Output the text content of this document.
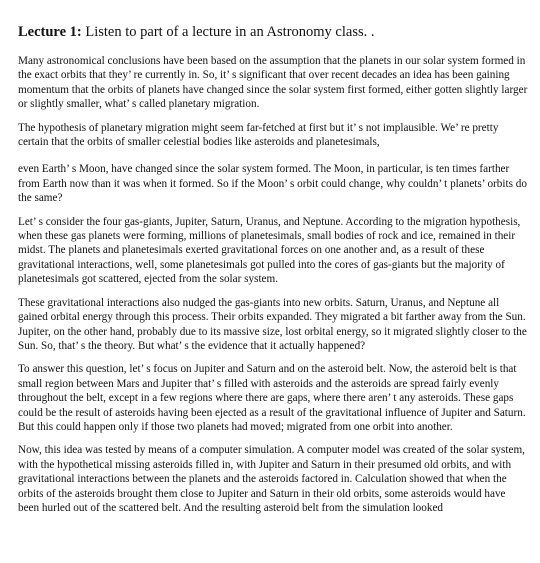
Lecture 1: Listen to part of a lecture in an Astronomy class. .

Many astronomical conclusions have been based on the assumption that the planets in our solar system formed in the exact orbits that they’ re currently in. So, it’ s significant that over recent decades an idea has been gaining momentum that the orbits of planets have changed since the solar system first formed, either gotten slightly larger or slightly smaller, what’ s called planetary migration.

The hypothesis of planetary migration might seem far-fetched at first but it’ s not implausible. We’ re pretty certain that the orbits of smaller celestial bodies like asteroids and planetesimals,

even Earth’ s Moon, have changed since the solar system formed. The Moon, in particular, is ten times farther from Earth now than it was when it formed. So if the Moon’ s orbit could change, why couldn’ t planets’ orbits do the same?

Let’ s consider the four gas-giants, Jupiter, Saturn, Uranus, and Neptune. According to the migration hypothesis, when these gas planets were forming, millions of planetesimals, small bodies of rock and ice, remained in their midst. The planets and planetesimals exerted gravitational forces on one another and, as a result of these gravitational interactions, well, some planetesimals got pulled into the cores of gas-giants but the majority of planetesimals got scattered, ejected from the solar system.

These gravitational interactions also nudged the gas-giants into new orbits. Saturn, Uranus, and Neptune all gained orbital energy through this process. Their orbits expanded. They migrated a bit farther away from the Sun. Jupiter, on the other hand, probably due to its massive size, lost orbital energy, so it migrated slightly closer to the Sun. So, that’ s the theory. But what’ s the evidence that it actually happened?

To answer this question, let’ s focus on Jupiter and Saturn and on the asteroid belt. Now, the asteroid belt is that small region between Mars and Jupiter that’ s filled with asteroids and the asteroids are spread fairly evenly throughout the belt, except in a few regions where there are gaps, where there aren’ t any asteroids. These gaps could be the result of asteroids having been ejected as a result of the gravitational influence of Jupiter and Saturn. But this could happen only if those two planets had moved; migrated from one orbit into another.

Now, this idea was tested by means of a computer simulation. A computer model was created of the solar system, with the hypothetical missing asteroids filled in, with Jupiter and Saturn in their presumed old orbits, and with gravitational interactions between the planets and the asteroids factored in. Calculation showed that when the orbits of the asteroids brought them close to Jupiter and Saturn in their old orbits, some asteroids would have been hurled out of the scattered belt. And the resulting asteroid belt from the simulation looked
